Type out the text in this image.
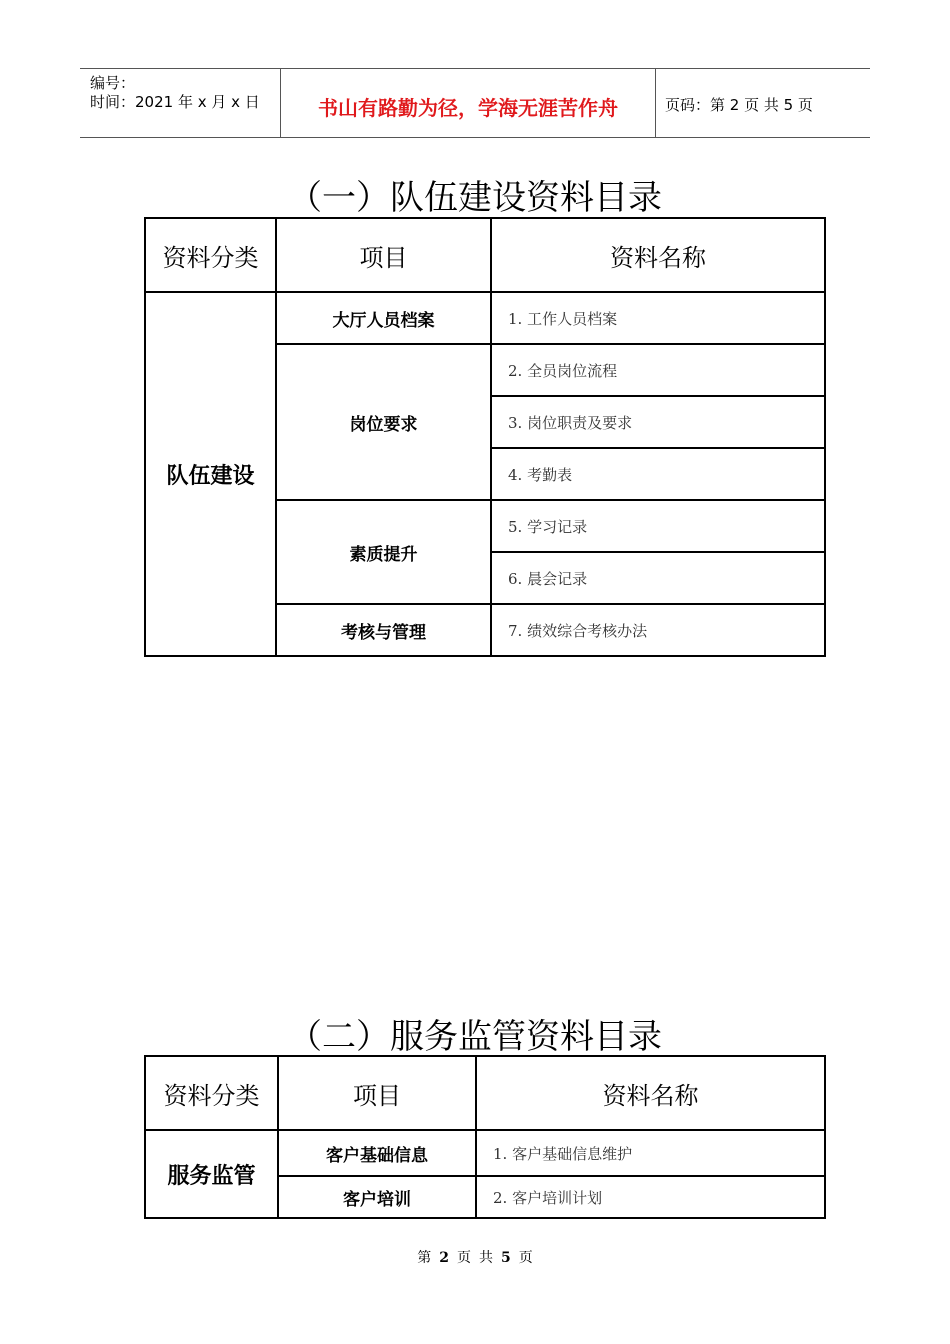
编号：
时间：2021 年 x 月 x 日	书山有路勤为径，学海无涯苦作舟	页码：第 2 页 共 5 页
（一）队伍建设资料目录
资料分类	项目	资料名称
队伍建设	大厅人员档案	1. 工作人员档案
	岗位要求	2. 全员岗位流程
		3. 岗位职责及要求
		4. 考勤表
	素质提升	5. 学习记录
		6. 晨会记录
	考核与管理	7. 绩效综合考核办法
（二）服务监管资料目录
资料分类	项目	资料名称
服务监管	客户基础信息	1. 客户基础信息维护
	客户培训	2. 客户培训计划
第 2 页 共 5 页
